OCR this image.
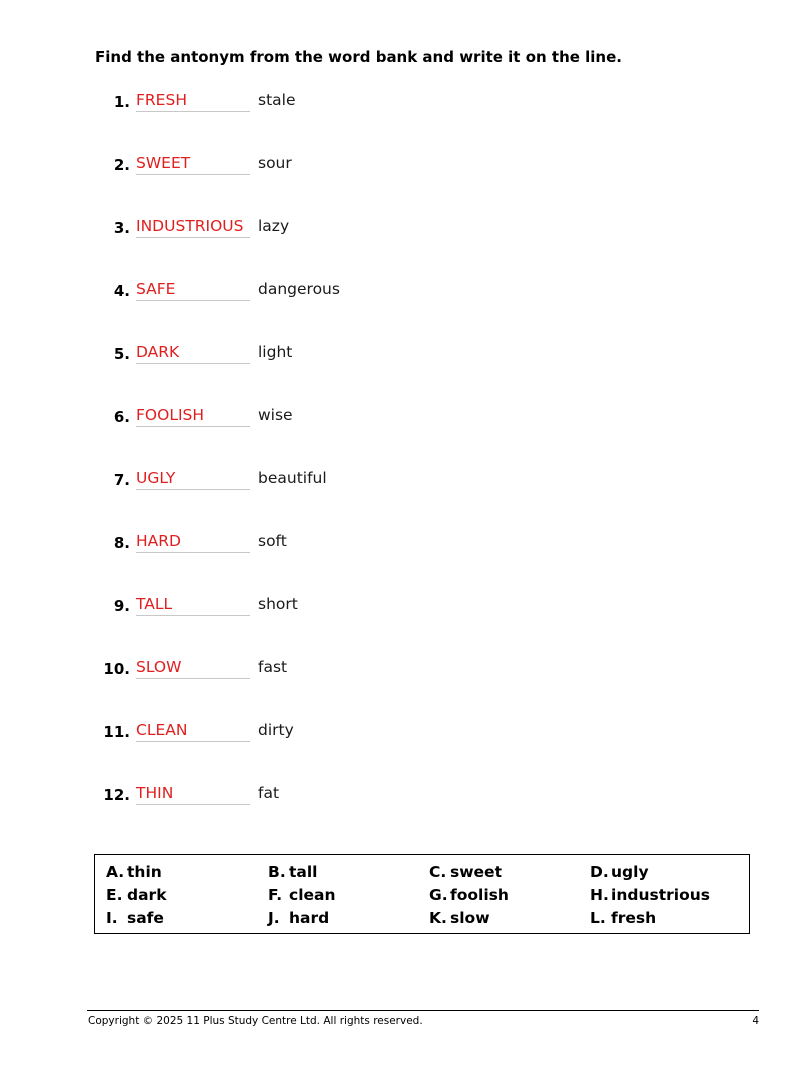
Find the antonym from the word bank and write it on the line.
1. FRESH	stale
2. SWEET	sour
3. INDUSTRIOUS lazy
4. SAFE	dangerous
5. DARK	light
6. FOOLISH	wise
7. UGLY	beautiful
8. HARD	soft
9. TALL	short
10. SLOW	fast
11. CLEAN	dirty
12. THIN	fat
A. thin	B. tall	C. sweet	D. ugly
E. dark	F. clean	G. foolish	H. industrious
I. safe	J. hard	K. slow	L. fresh
Copyright © 2025 11 Plus Study Centre Ltd. All rights reserved.	4
